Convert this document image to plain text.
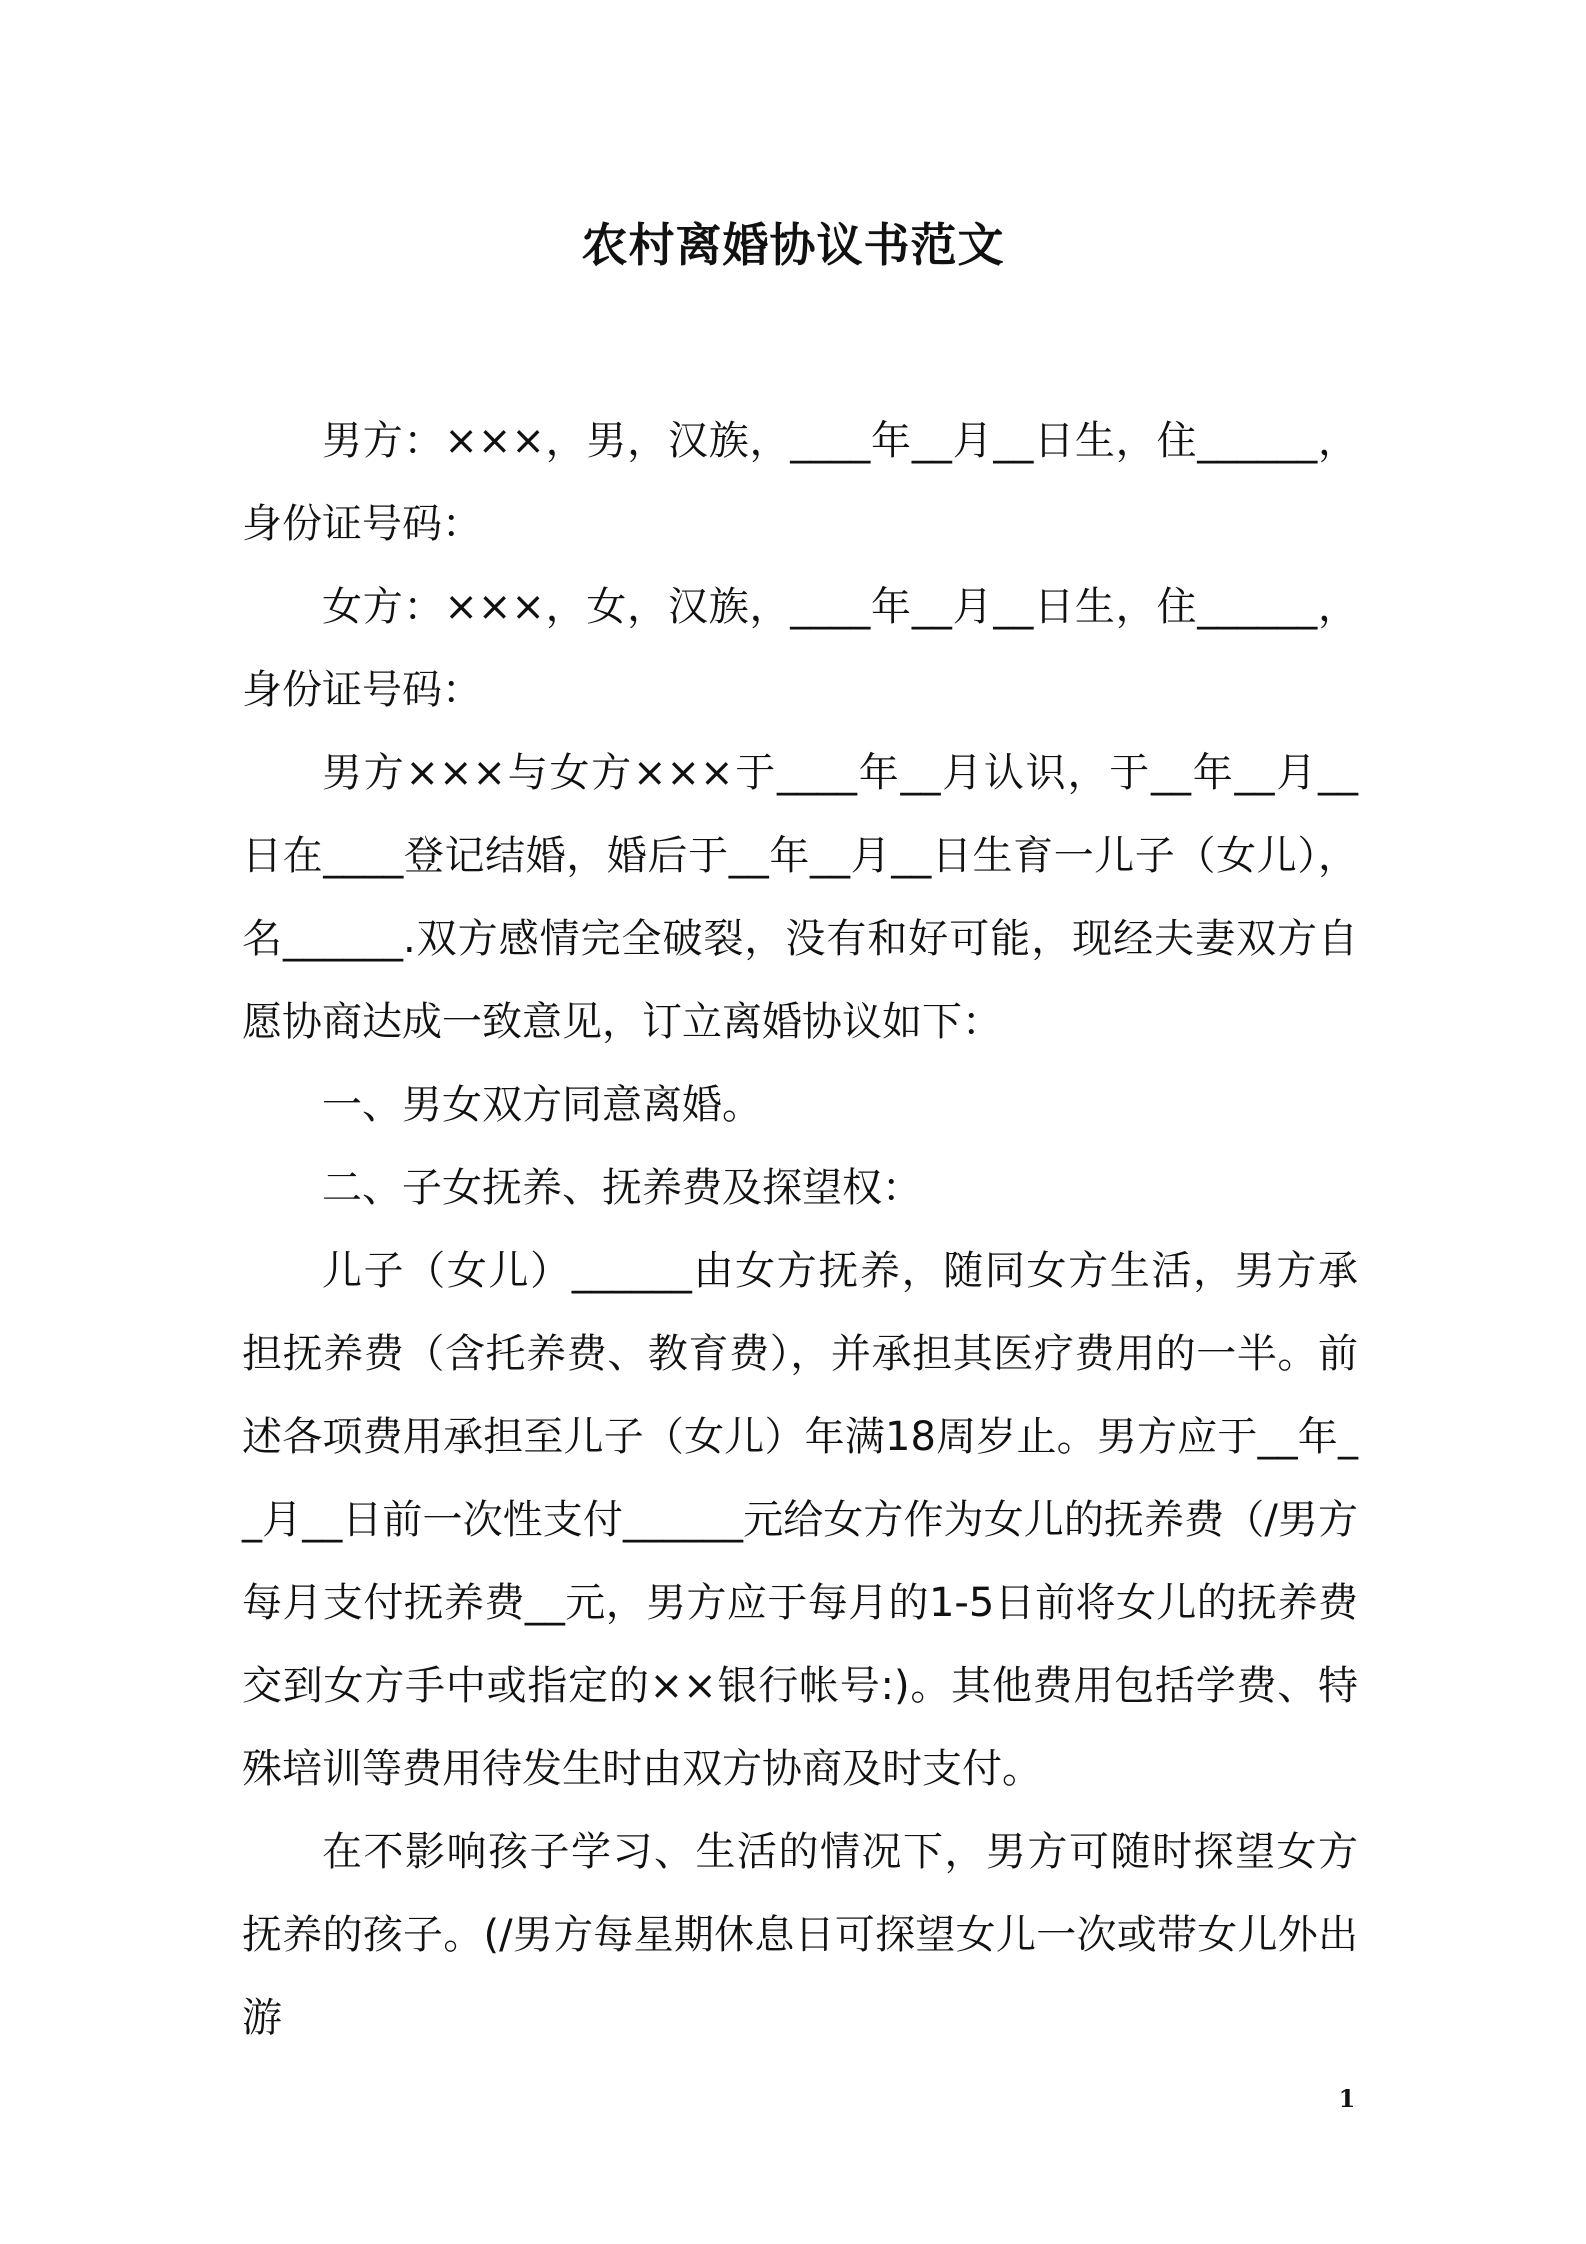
农村离婚协议书范文

男方：×××，男，汉族，____年__月__日生，住______，身份证号码：

女方：×××，女，汉族，____年__月__日生，住______，身份证号码：

男方×××与女方×××于____年__月认识，于__年__月__日在____登记结婚，婚后于__年__月__日生育一儿子（女儿），名______.双方感情完全破裂，没有和好可能，现经夫妻双方自愿协商达成一致意见，订立离婚协议如下：

一、男女双方同意离婚。

二、子女抚养、抚养费及探望权：

儿子（女儿）______由女方抚养，随同女方生活，男方承担抚养费（含托养费、教育费），并承担其医疗费用的一半。前述各项费用承担至儿子（女儿）年满18周岁止。男方应于__年__月__日前一次性支付______元给女方作为女儿的抚养费（/男方每月支付抚养费__元，男方应于每月的1-5日前将女儿的抚养费交到女方手中或指定的××银行帐号:)。其他费用包括学费、特殊培训等费用待发生时由双方协商及时支付。

在不影响孩子学习、生活的情况下，男方可随时探望女方抚养的孩子。(/男方每星期休息日可探望女儿一次或带女儿外出游

1
